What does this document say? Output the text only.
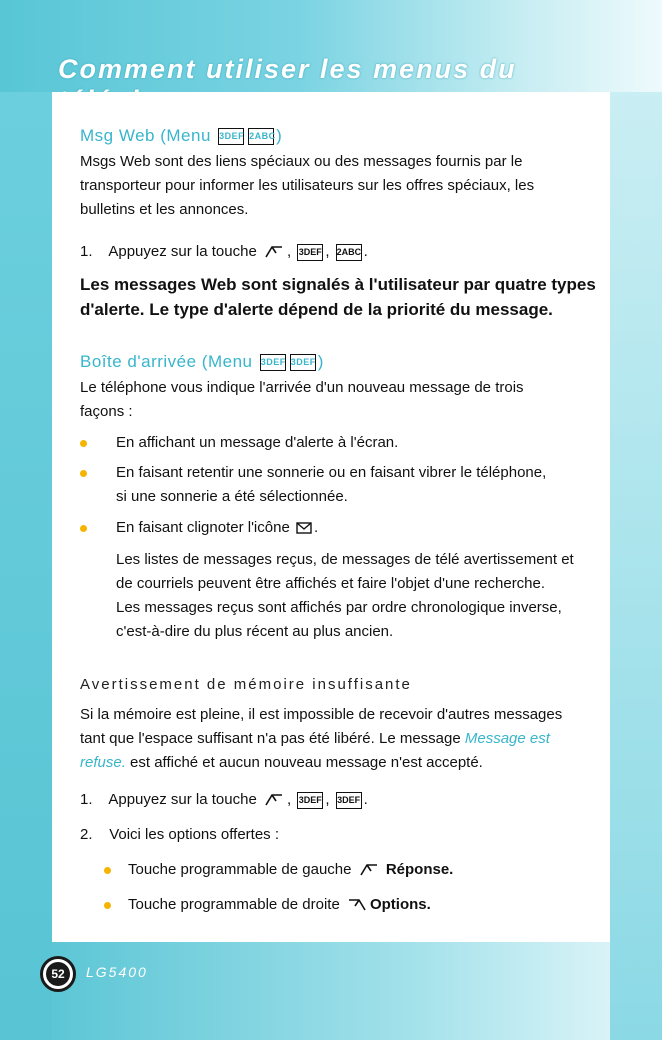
Comment utiliser les menus du
Msg Web (Menu 3DEF 2ABC)
Msgs Web sont des liens spéciaux ou des messages fournis par le
transporteur pour informer les utilisateurs sur les offres spéciaux, les
bulletins et les annonces.
1. Appuyez sur la touche , 3DEF , 2ABC .
Les messages Web sont signalés à l'utilisateur par quatre types
d'alerte. Le type d'alerte dépend de la priorité du message.
Boîte d'arrivée (Menu 3DEF 3DEF )
Le téléphone vous indique l'arrivée d'un nouveau message de trois
façons :
En affichant un message d'alerte à l'écran.
En faisant retentir une sonnerie ou en faisant vibrer le téléphone,
si une sonnerie a été sélectionnée.
En faisant clignoter l'icône .
Les listes de messages reçus, de messages de télé avertissement et
de courriels peuvent être affichés et faire l'objet d'une recherche.
Les messages reçus sont affichés par ordre chronologique inverse,
c'est-à-dire du plus récent au plus ancien.
Avertissement de mémoire insuffisante
Si la mémoire est pleine, il est impossible de recevoir d'autres messages
tant que l'espace suffisant n'a pas été libéré. Le message Message est
refuse. est affiché et aucun nouveau message n'est accepté.
1. Appuyez sur la touche , 3DEF , 3DEF .
2. Voici les options offertes :
Touche programmable de gauche Réponse.
Touche programmable de droite Options.
52	LG5400
